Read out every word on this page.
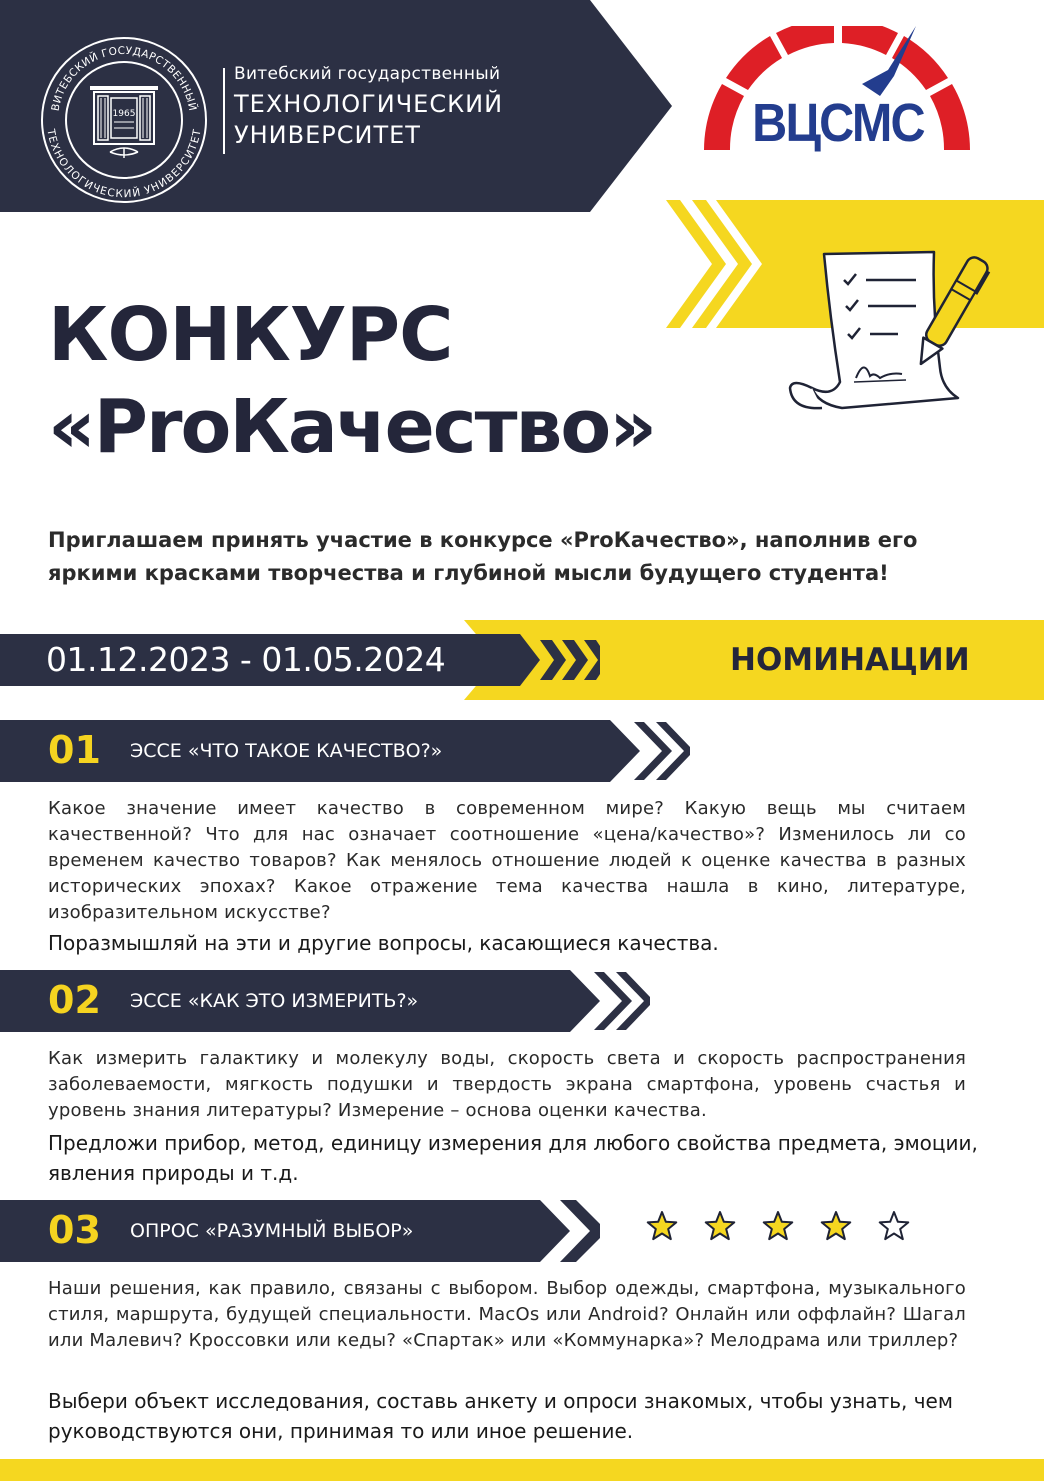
ВИТЕБСКИЙ ГОСУДАРСТВЕННЫЙ
ТЕХНОЛОГИЧЕСКИЙ УНИВЕРСИТЕТ
1965
Витебский государственный
ТЕХНОЛОГИЧЕСКИЙ
УНИВЕРСИТЕТ	ВЦСМС
КОНКУРС
«ProКачество»
Приглашаем принять участие в конкурсе «ProКачество», наполнив его яркими красками творчества и глубиной мысли будущего студента!
01.12.2023 - 01.05.2024	НОМИНАЦИИ
01 ЭССЕ «ЧТО ТАКОЕ КАЧЕСТВО?»
Какое значение имеет качество в современном мире? Какую вещь мы считаем качественной? Что для нас означает соотношение «цена/качество»? Изменилось ли со временем качество товаров? Как менялось отношение людей к оценке качества в разных исторических эпохах? Какое отражение тема качества нашла в кино, литературе, изобразительном искусстве?
Поразмышляй на эти и другие вопросы, касающиеся качества.
02 ЭССЕ «КАК ЭТО ИЗМЕРИТЬ?»
Как измерить галактику и молекулу воды, скорость света и скорость распространения заболеваемости, мягкость подушки и твердость экрана смартфона, уровень счастья и уровень знания литературы? Измерение – основа оценки качества.
Предложи прибор, метод, единицу измерения для любого свойства предмета, эмоции, явления природы и т.д.
03 ОПРОС «РАЗУМНЫЙ ВЫБОР»
Наши решения, как правило, связаны с выбором. Выбор одежды, смартфона, музыкального стиля, маршрута, будущей специальности. MacOs или Android? Онлайн или оффлайн? Шагал или Малевич? Кроссовки или кеды? «Спартак» или «Коммунарка»? Мелодрама или триллер?
Выбери объект исследования, составь анкету и опроси знакомых, чтобы узнать, чем руководствуются они, принимая то или иное решение.
